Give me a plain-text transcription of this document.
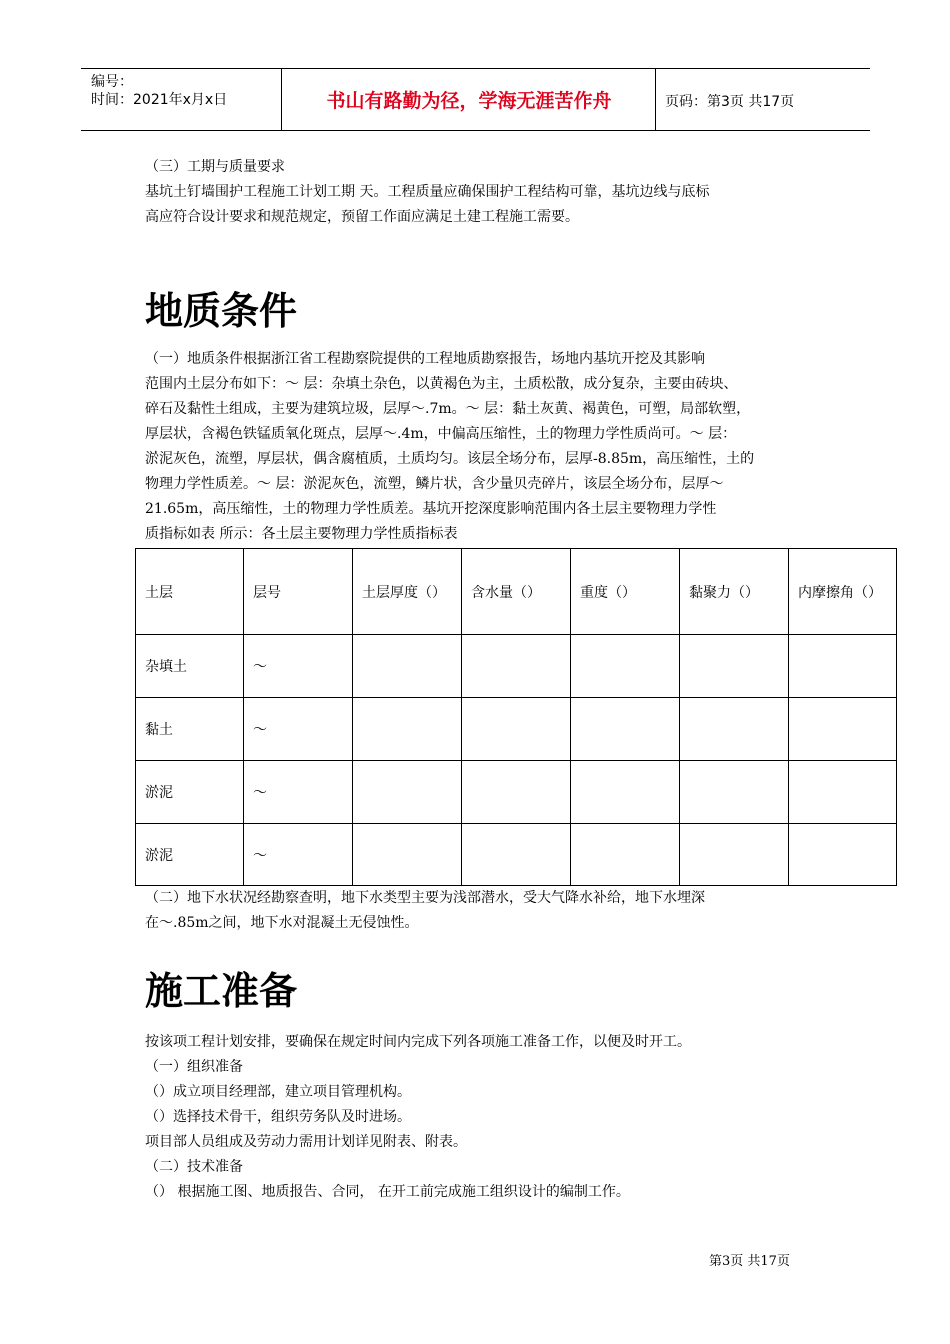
编号：
时间：2021年x月x日	书山有路勤为径，学海无涯苦作舟	页码：第3页 共17页
（三）工期与质量要求
基坑土钉墙围护工程施工计划工期 天。工程质量应确保围护工程结构可靠，基坑边线与底标
高应符合设计要求和规范规定，预留工作面应满足土建工程施工需要。
地质条件
（一）地质条件根据浙江省工程勘察院提供的工程地质勘察报告，场地内基坑开挖及其影响
范围内土层分布如下：～ 层：杂填土杂色，以黄褐色为主，土质松散，成分复杂，主要由砖块、
碎石及黏性土组成，主要为建筑垃圾，层厚～.7m。～ 层：黏土灰黄、褐黄色，可塑，局部软塑，
厚层状，含褐色铁锰质氧化斑点，层厚～.4m，中偏高压缩性，土的物理力学性质尚可。～ 层：
淤泥灰色，流塑，厚层状，偶含腐植质，土质均匀。该层全场分布，层厚-8.85m，高压缩性，土的
物理力学性质差。～ 层：淤泥灰色，流塑，鳞片状，含少量贝壳碎片，该层全场分布，层厚～
21.65m，高压缩性，土的物理力学性质差。基坑开挖深度影响范围内各土层主要物理力学性
质指标如表 所示：各土层主要物理力学性质指标表
土层	层号	土层厚度（）	含水量（）	重度（）	黏聚力（）	内摩擦角（）
杂填土	～					
黏土	～					
淤泥	～					
淤泥	～					
（二）地下水状况经勘察查明，地下水类型主要为浅部潜水，受大气降水补给，地下水埋深
在～.85m之间，地下水对混凝土无侵蚀性。
施工准备
按该项工程计划安排，要确保在规定时间内完成下列各项施工准备工作，以便及时开工。
（一）组织准备
（）成立项目经理部，建立项目管理机构。
（）选择技术骨干，组织劳务队及时进场。
项目部人员组成及劳动力需用计划详见附表、附表。
（二）技术准备
（） 根据施工图、地质报告、合同， 在开工前完成施工组织设计的编制工作。
第3页 共17页
